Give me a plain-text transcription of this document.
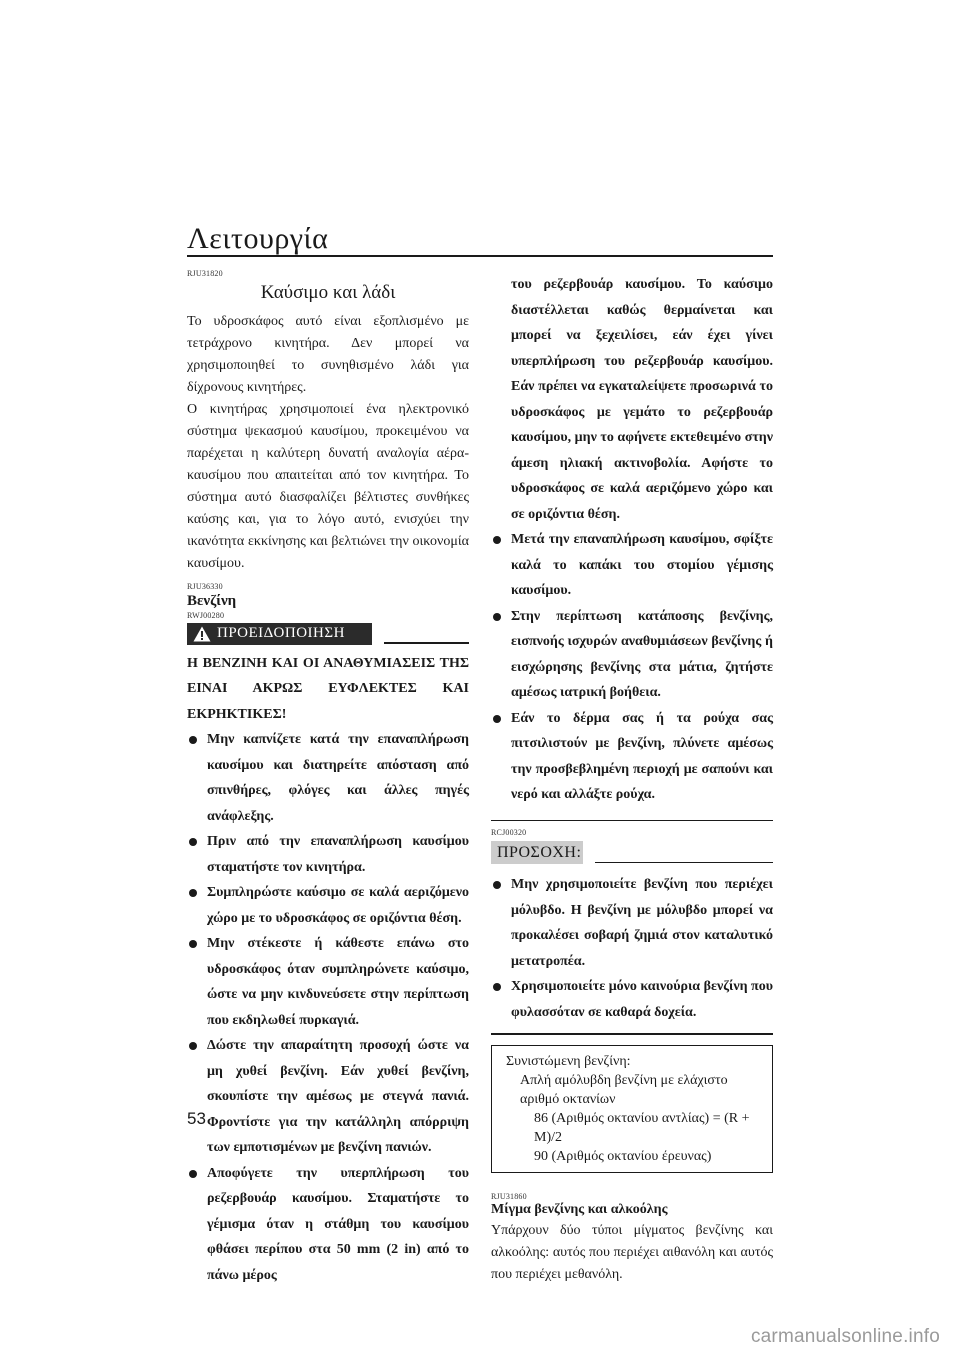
Λειτουργία
RJU31820
Καύσιμο και λάδι

Το υδροσκάφος αυτό είναι εξοπλισμένο με τετράχρονο κινητήρα. Δεν μπορεί να χρησιμοποιηθεί το συνηθισμένο λάδι για δίχρονους κινητήρες.

Ο κινητήρας χρησιμοποιεί ένα ηλεκτρονικό σύστημα ψεκασμού καυσίμου, προκειμένου να παρέχεται η καλύτερη δυνατή αναλογία αέρα-καυσίμου που απαιτείται από τον κινητήρα. Το σύστημα αυτό διασφαλίζει βέλτιστες συνθήκες καύσης και, για το λόγο αυτό, ενισχύει την ικανότητα εκκίνησης και βελτιώνει την οικονομία καυσίμου.

RJU36330
Βενζίνη
RWJ00280
ΠΡΟΕΙΔΟΠΟΙΗΣΗ

Η ΒΕΝΖΙΝΗ ΚΑΙ ΟΙ ΑΝΑΘΥΜΙΑΣΕΙΣ ΤΗΣ ΕΙΝΑΙ ΑΚΡΩΣ ΕΥΦΛΕΚΤΕΣ ΚΑΙ ΕΚΡΗΚΤΙΚΕΣ!

Μην καπνίζετε κατά την επαναπλήρωση καυσίμου και διατηρείτε απόσταση από σπινθήρες, φλόγες και άλλες πηγές ανάφλεξης.
Πριν από την επαναπλήρωση καυσίμου σταματήστε τον κινητήρα.
Συμπληρώστε καύσιμο σε καλά αεριζόμενο χώρο με το υδροσκάφος σε οριζόντια θέση.
Μην στέκεστε ή κάθεστε επάνω στο υδροσκάφος όταν συμπληρώνετε καύσιμο, ώστε να μην κινδυνεύσετε στην περίπτωση που εκδηλωθεί πυρκαγιά.
Δώστε την απαραίτητη προσοχή ώστε να μη χυθεί βενζίνη. Εάν χυθεί βενζίνη, σκουπίστε την αμέσως με στεγνά πανιά. Φροντίστε για την κατάλληλη απόρριψη των εμποτισμένων με βενζίνη πανιών.
Αποφύγετε την υπερπλήρωση του ρεζερβουάρ καυσίμου. Σταματήστε το γέμισμα όταν η στάθμη του καυσίμου φθάσει περίπου στα 50 mm (2 in) από το πάνω μέρος

του ρεζερβουάρ καυσίμου. Το καύσιμο διαστέλλεται καθώς θερμαίνεται και μπορεί να ξεχειλίσει, εάν έχει γίνει υπερπλήρωση του ρεζερβουάρ καυσίμου. Εάν πρέπει να εγκαταλείψετε προσωρινά το υδροσκάφος με γεμάτο το ρεζερβουάρ καυσίμου, μην το αφήνετε εκτεθειμένο στην άμεση ηλιακή ακτινοβολία. Αφήστε το υδροσκάφος σε καλά αεριζόμενο χώρο και σε οριζόντια θέση.

Μετά την επαναπλήρωση καυσίμου, σφίξτε καλά το καπάκι του στομίου γέμισης καυσίμου.
Στην περίπτωση κατάποσης βενζίνης, εισπνοής ισχυρών αναθυμιάσεων βενζίνης ή εισχώρησης βενζίνης στα μάτια, ζητήστε αμέσως ιατρική βοήθεια.
Εάν το δέρμα σας ή τα ρούχα σας πιτσιλιστούν με βενζίνη, πλύνετε αμέσως την προσβεβλημένη περιοχή με σαπούνι και νερό και αλλάξτε ρούχα.
RCJ00320
ΠΡΟΣΟΧΗ:
Μην χρησιμοποιείτε βενζίνη που περιέχει μόλυβδο. Η βενζίνη με μόλυβδο μπορεί να προκαλέσει σοβαρή ζημιά στον καταλυτικό μετατροπέα.
Χρησιμοποιείτε μόνο καινούρια βενζίνη που φυλασσόταν σε καθαρά δοχεία.
Συνιστώμενη βενζίνη:
Απλή αμόλυβδη βενζίνη με ελάχιστο αριθμό οκτανίων
86 (Αριθμός οκτανίου αντλίας) = (R + M)/2
90 (Αριθμός οκτανίου έρευνας)
RJU31860
Μίγμα βενζίνης και αλκοόλης

Υπάρχουν δύο τύποι μίγματος βενζίνης και αλκοόλης: αυτός που περιέχει αιθανόλη και αυτός που περιέχει μεθανόλη.

53
carmanualsonline.info
